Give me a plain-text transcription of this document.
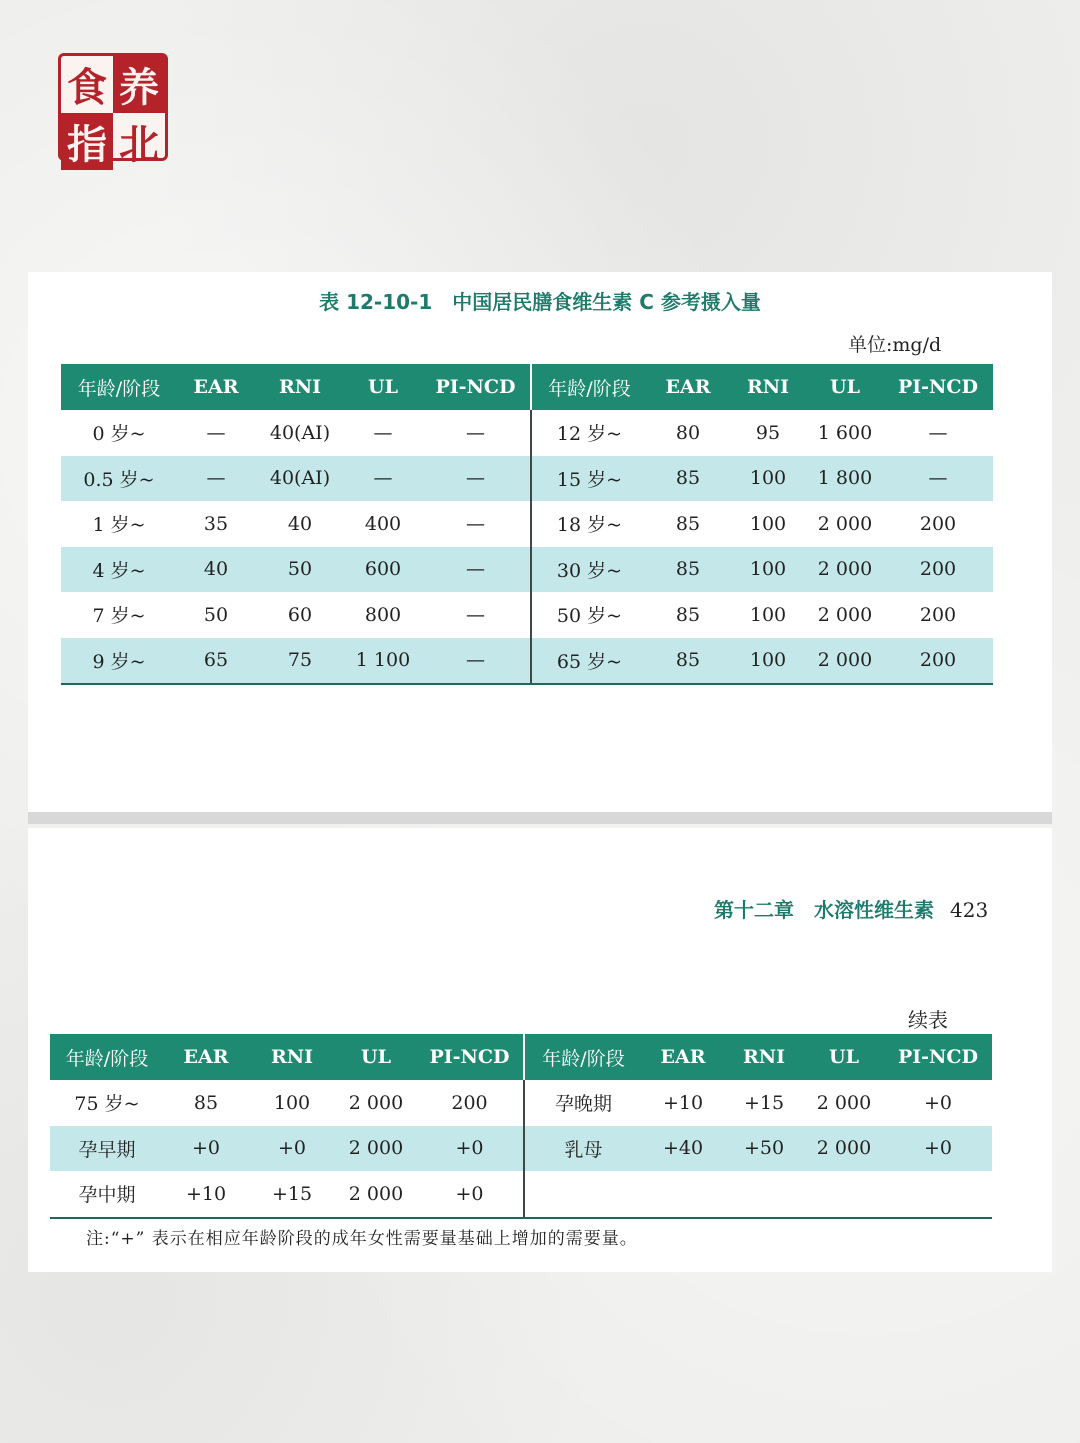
食 养
指 北
表 12-10-1　中国居民膳食维生素 C 参考摄入量
单位:mg/d
年龄/阶段	EAR	RNI	UL	PI-NCD	年龄/阶段	EAR	RNI	UL	PI-NCD
0 岁~	—	40(AI)	—	—	12 岁~	80	95	1 600	—
0.5 岁~	—	40(AI)	—	—	15 岁~	85	100	1 800	—
1 岁~	35	40	400	—	18 岁~	85	100	2 000	200
4 岁~	40	50	600	—	30 岁~	85	100	2 000	200
7 岁~	50	60	800	—	50 岁~	85	100	2 000	200
9 岁~	65	75	1 100	—	65 岁~	85	100	2 000	200
第十二章　水溶性维生素 423
续表
年龄/阶段	EAR	RNI	UL	PI-NCD	年龄/阶段	EAR	RNI	UL	PI-NCD
75 岁~	85	100	2 000	200	孕晚期	+10	+15	2 000	+0
孕早期	+0	+0	2 000	+0	乳母	+40	+50	2 000	+0
孕中期	+10	+15	2 000	+0					
注:“+” 表示在相应年龄阶段的成年女性需要量基础上增加的需要量。
